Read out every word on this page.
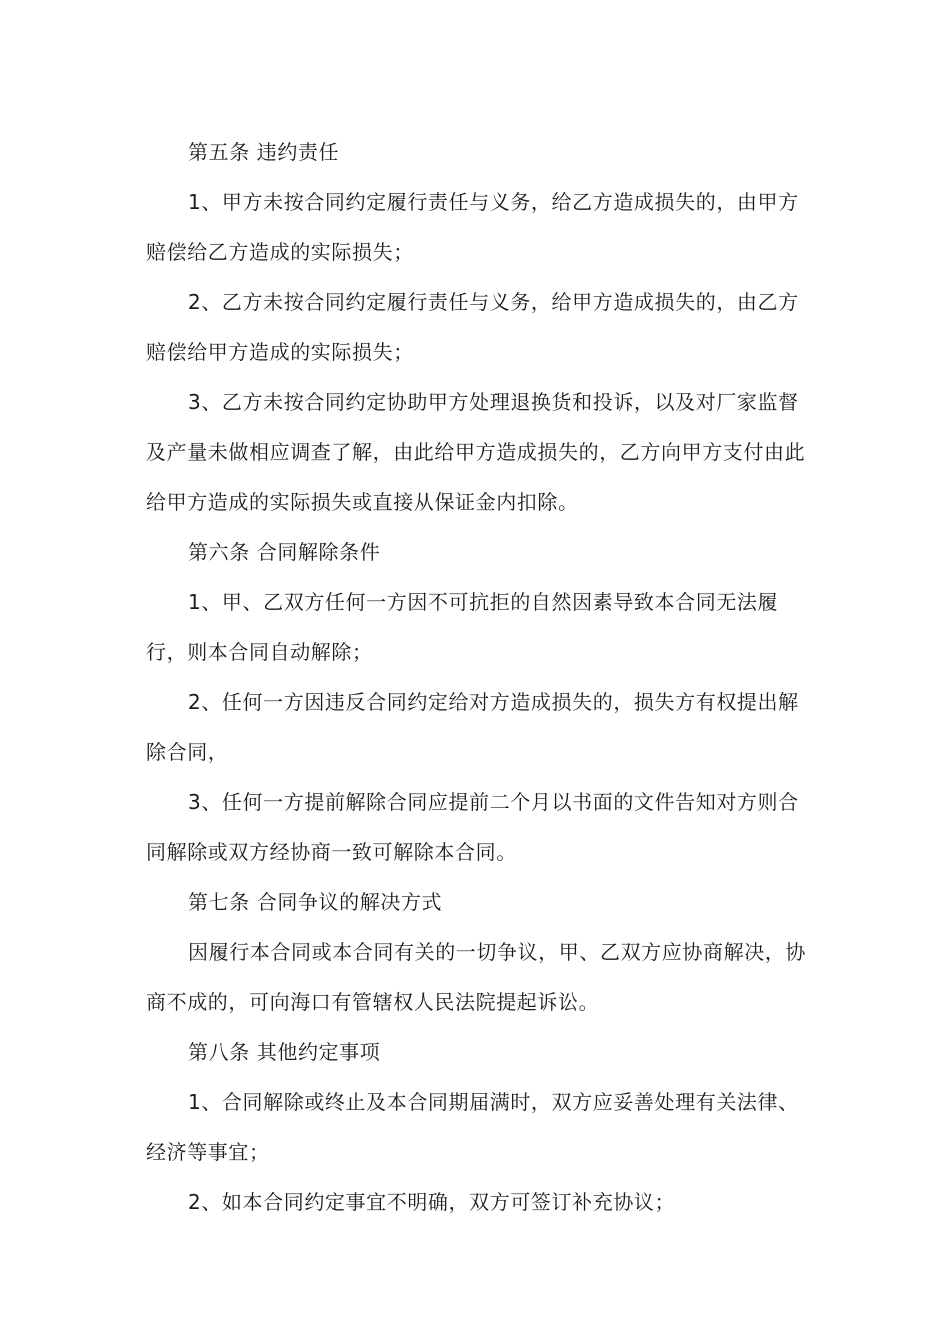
第五条 违约责任

1、甲方未按合同约定履行责任与义务，给乙方造成损失的，由甲方赔偿给乙方造成的实际损失；

2、乙方未按合同约定履行责任与义务，给甲方造成损失的，由乙方赔偿给甲方造成的实际损失；

3、乙方未按合同约定协助甲方处理退换货和投诉，以及对厂家监督及产量未做相应调查了解，由此给甲方造成损失的，乙方向甲方支付由此给甲方造成的实际损失或直接从保证金内扣除。

第六条 合同解除条件

1、甲、乙双方任何一方因不可抗拒的自然因素导致本合同无法履行，则本合同自动解除；

2、任何一方因违反合同约定给对方造成损失的，损失方有权提出解除合同，

3、任何一方提前解除合同应提前二个月以书面的文件告知对方则合同解除或双方经协商一致可解除本合同。

第七条 合同争议的解决方式

因履行本合同或本合同有关的一切争议，甲、乙双方应协商解决，协商不成的，可向海口有管辖权人民法院提起诉讼。

第八条 其他约定事项

1、合同解除或终止及本合同期届满时，双方应妥善处理有关法律、经济等事宜；

2、如本合同约定事宜不明确，双方可签订补充协议；
